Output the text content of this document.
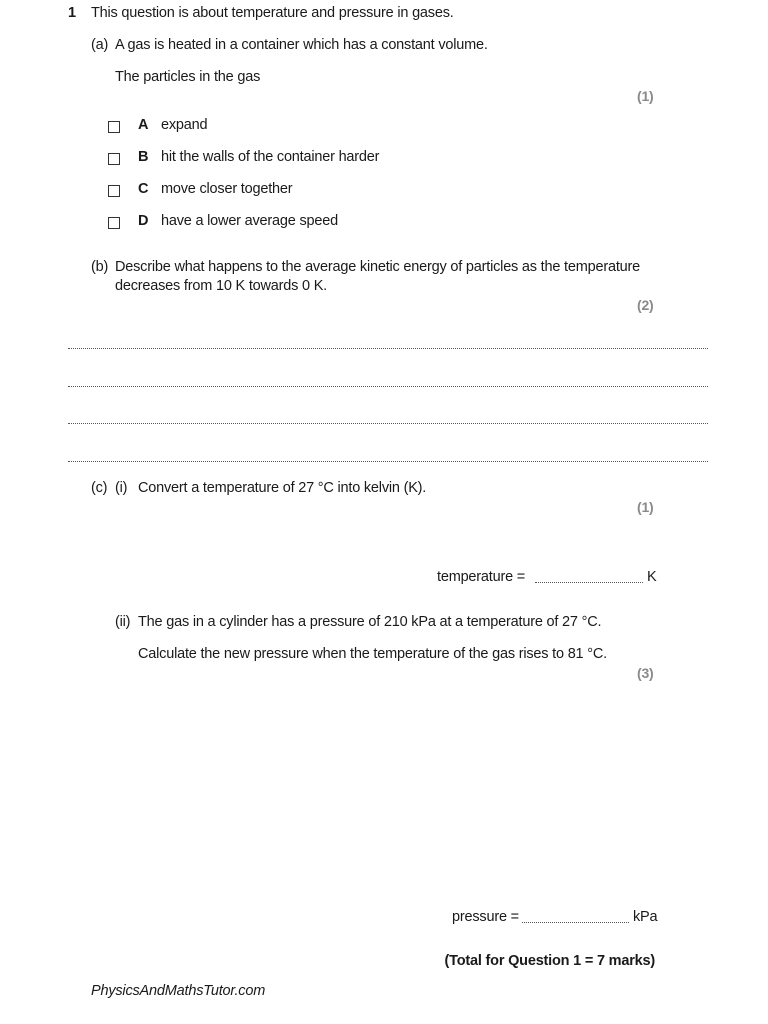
1 This question is about temperature and pressure in gases.
(a) A gas is heated in a container which has a constant volume.
The particles in the gas
(1)
A expand
B hit the walls of the container harder
C move closer together
D have a lower average speed
(b) Describe what happens to the average kinetic energy of particles as the temperature
decreases from 10 K towards 0 K.
(2)
(c) (i) Convert a temperature of 27 °C into kelvin (K).
(1)
temperature =	K
(ii) The gas in a cylinder has a pressure of 210 kPa at a temperature of 27 °C.
Calculate the new pressure when the temperature of the gas rises to 81 °C.
(3)
pressure =	kPa
(Total for Question 1 = 7 marks)
PhysicsAndMathsTutor.com
